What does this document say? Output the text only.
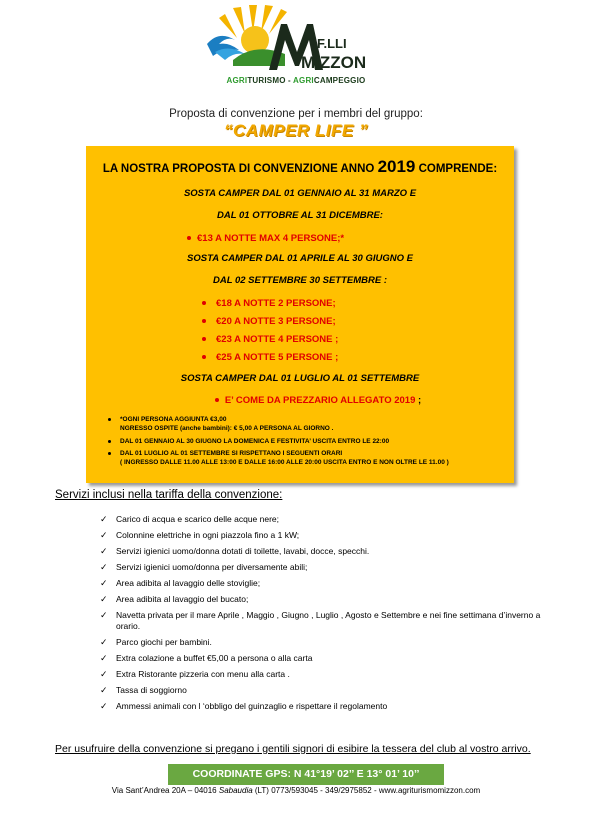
F.LLI
MIZZON
AGRITURISMO - AGRICAMPEGGIO
Proposta di convenzione per i membri del gruppo:
“CAMPER LIFE ”
LA NOSTRA PROPOSTA DI CONVENZIONE ANNO 2019 COMPRENDE:
SOSTA CAMPER DAL 01 GENNAIO AL 31 MARZO E
DAL 01 OTTOBRE AL 31 DICEMBRE:
€13 A NOTTE MAX 4 PERSONE;*
SOSTA CAMPER DAL 01 APRILE AL 30 GIUGNO E
DAL 02 SETTEMBRE 30 SETTEMBRE :
€18 A NOTTE 2 PERSONE;
€20 A NOTTE 3 PERSONE;
€23 A NOTTE 4 PERSONE ;
€25 A NOTTE 5 PERSONE ;
SOSTA CAMPER DAL 01 LUGLIO AL 01 SETTEMBRE
E’ COME DA PREZZARIO ALLEGATO 2019 ;
*OGNI PERSONA AGGIUNTA €3,00
NGRESSO OSPITE (anche bambini): € 5,00 A PERSONA AL GIORNO .
DAL 01 GENNAIO AL 30 GIUGNO LA DOMENICA E FESTIVITA’ USCITA ENTRO LE 22:00
DAL 01 LUGLIO AL 01 SETTEMBRE SI RISPETTANO I SEGUENTI ORARI
( INGRESSO DALLE 11.00 ALLE 13:00 E DALLE 16:00 ALLE 20:00 USCITA ENTRO E NON OLTRE LE 11.00 )
Servizi inclusi nella tariffa della convenzione:
✓ Carico di acqua e scarico delle acque nere;
✓ Colonnine elettriche in ogni piazzola fino a 1 kW;
✓ Servizi igienici uomo/donna dotati di toilette, lavabi, docce, specchi.
✓ Servizi igienici uomo/donna per diversamente abili;
✓ Area adibita al lavaggio delle stoviglie;
✓ Area adibita al lavaggio del bucato;
✓ Navetta privata per il mare Aprile , Maggio , Giugno , Luglio , Agosto e Settembre e nei fine settimana d’inverno a orario.
✓ Parco giochi per bambini.
✓ Extra colazione a buffet €5,00 a persona o alla carta
✓ Extra Ristorante pizzeria con menu alla carta .
✓ Tassa di soggiorno
✓ Ammessi animali con l ‘obbligo del guinzaglio e rispettare il regolamento
Per usufruire della convenzione si pregano i gentili signori di esibire la tessera del club al vostro arrivo.
COORDINATE GPS: N 41°19’ 02’’ E 13° 01’ 10’’
Via Sant’Andrea 20A – 04016 Sabaudia (LT) 0773/593045 - 349/2975852 - www.agriturismomizzon.com
